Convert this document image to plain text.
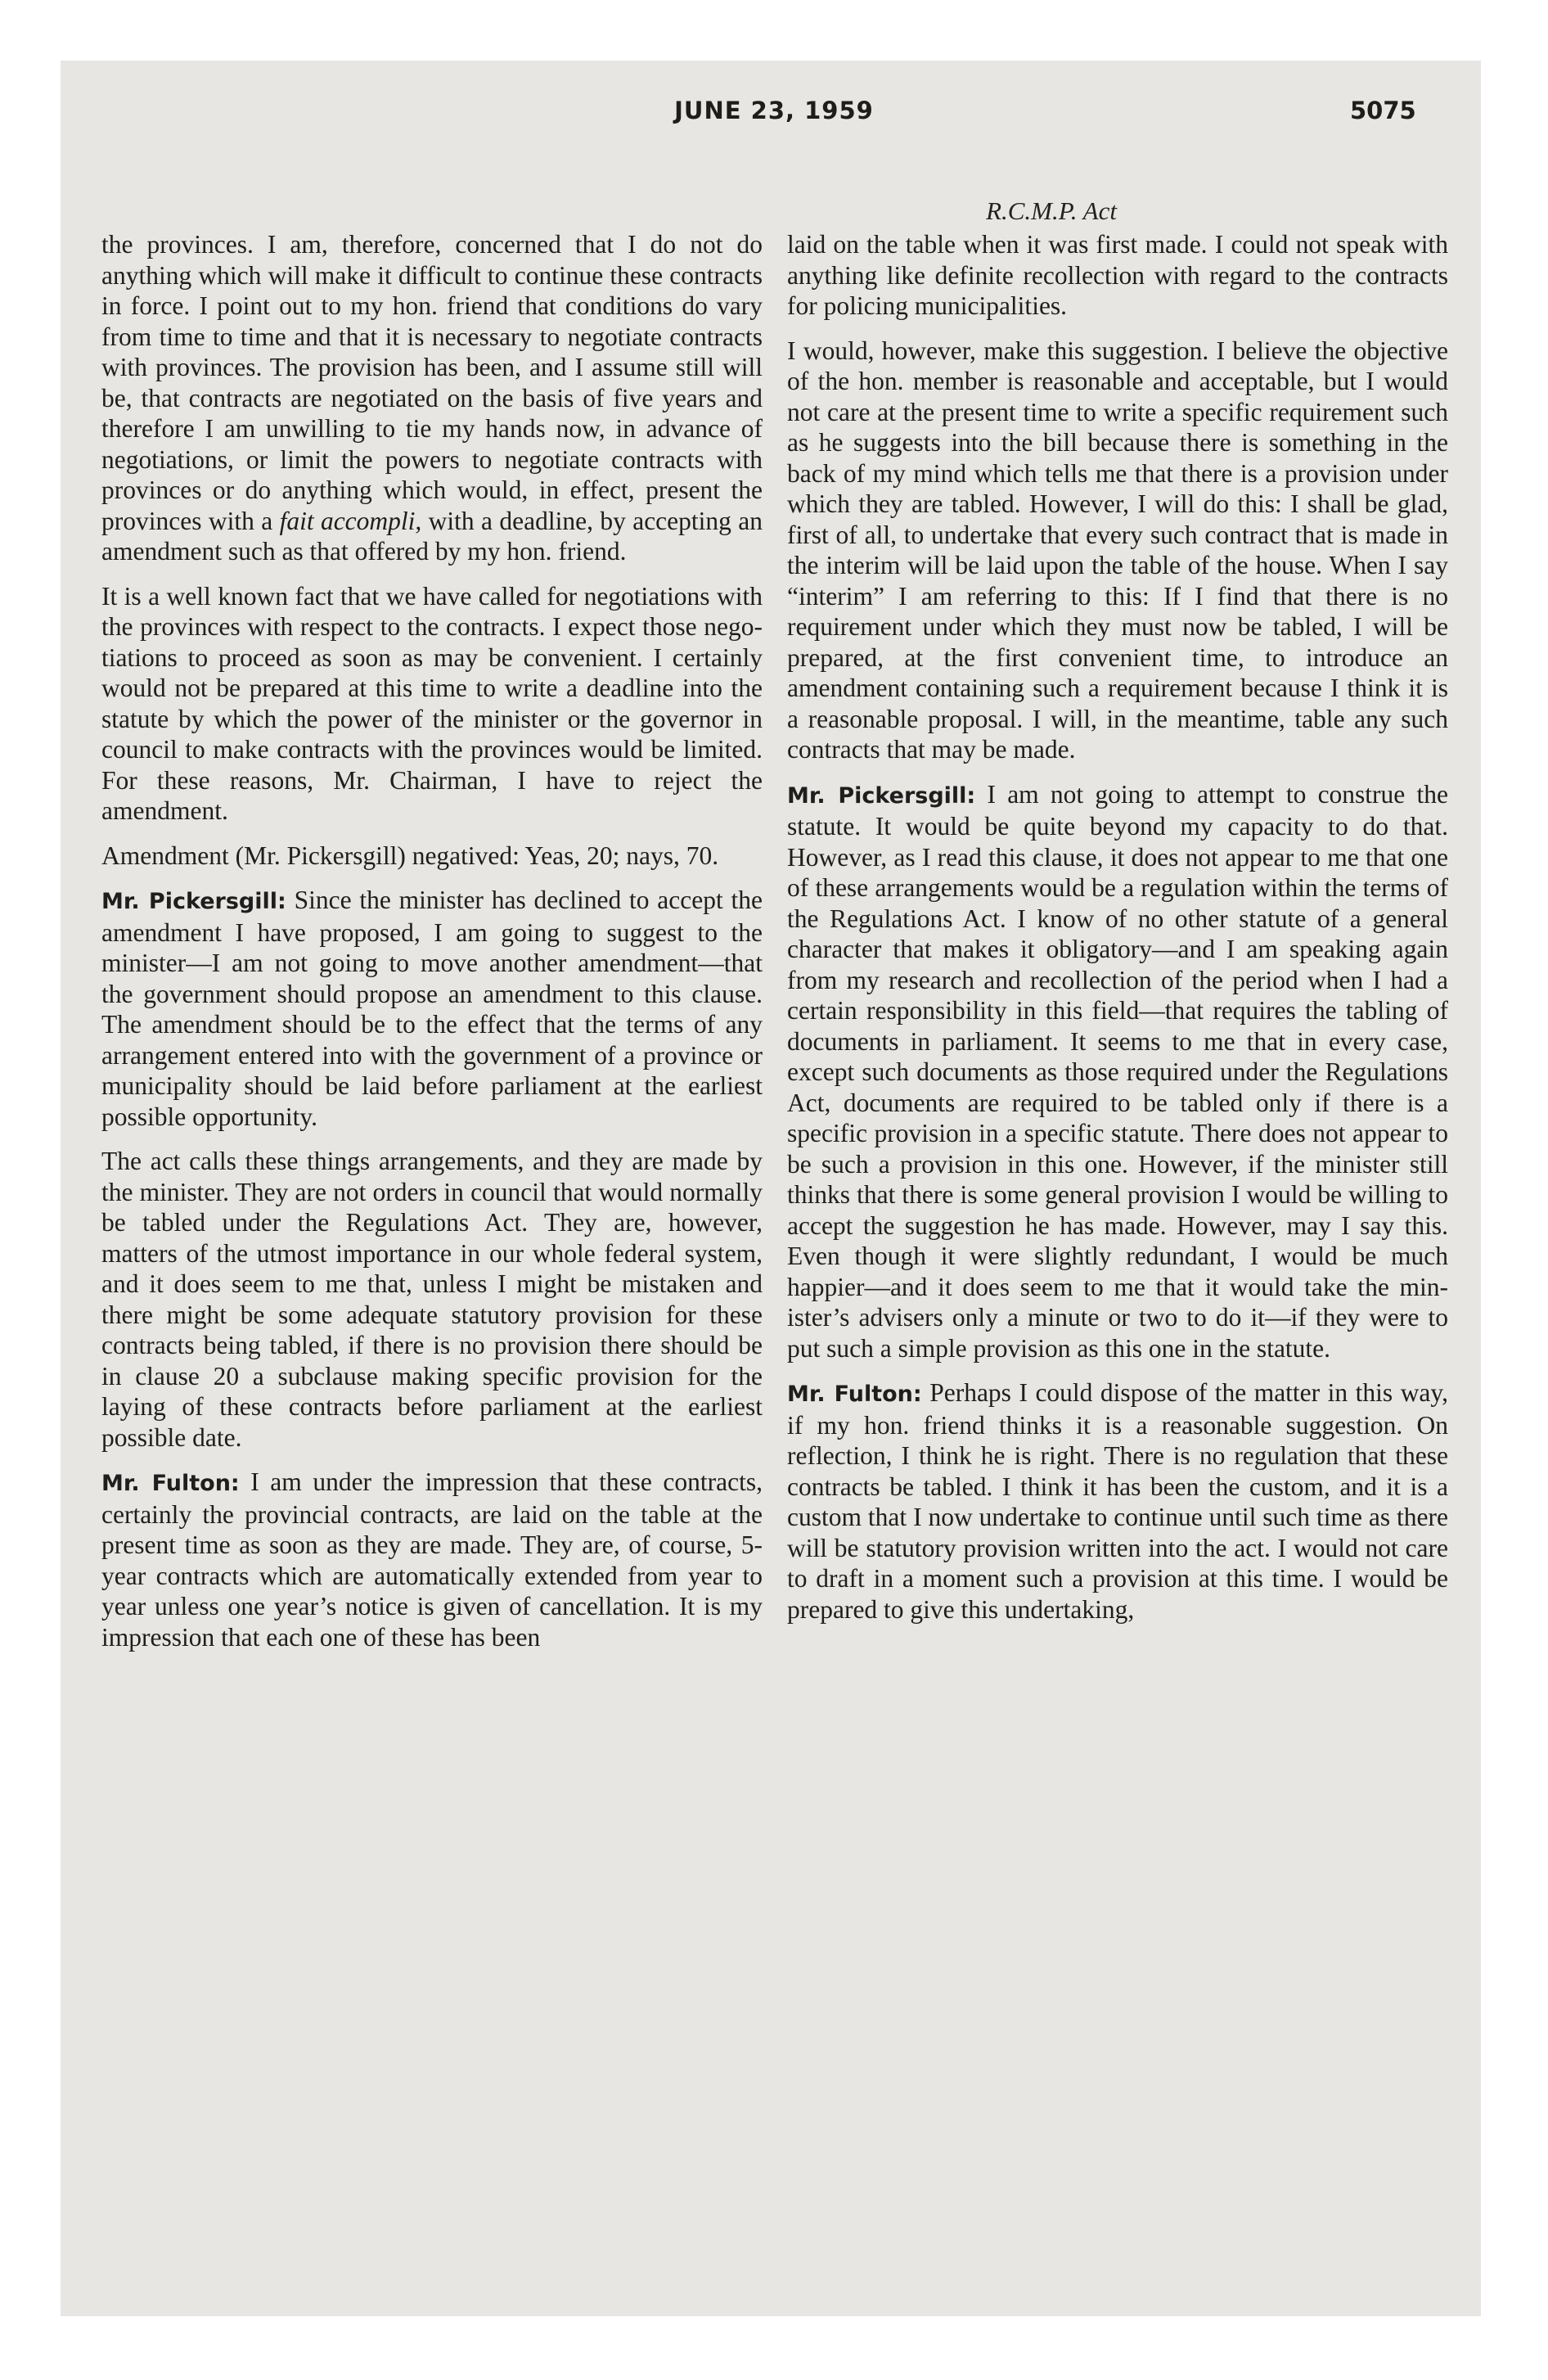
JUNE 23, 1959	5075
R.C.M.P. Act

the provinces. I am, therefore, concerned that I do not do anything which will make it difficult to continue these contracts in force. I point out to my hon. friend that conditions do vary from time to time and that it is necessary to negotiate contracts with provinces. The provision has been, and I assume still will be, that contracts are negotiated on the basis of five years and therefore I am unwilling to tie my hands now, in advance of negotiations, or limit the powers to negotiate contracts with provinces or do anything which would, in effect, present the provinces with a fait accompli, with a deadline, by accepting an amendment such as that offered by my hon. friend.

It is a well known fact that we have called for negotiations with the provinces with respect to the contracts. I expect those negotiations to proceed as soon as may be convenient. I certainly would not be prepared at this time to write a deadline into the statute by which the power of the minister or the governor in council to make contracts with the provinces would be limited. For these reasons, Mr. Chairman, I have to reject the amendment.

Amendment (Mr. Pickersgill) negatived: Yeas, 20; nays, 70.

Mr. Pickersgill: Since the minister has declined to accept the amendment I have proposed, I am going to suggest to the minister—I am not going to move another amendment—that the government should propose an amendment to this clause. The amendment should be to the effect that the terms of any arrangement entered into with the government of a province or municipality should be laid before parliament at the earliest possible opportunity.

The act calls these things arrangements, and they are made by the minister. They are not orders in council that would normally be tabled under the Regulations Act. They are, however, matters of the utmost importance in our whole federal system, and it does seem to me that, unless I might be mistaken and there might be some adequate statutory provision for these contracts being tabled, if there is no provision there should be in clause 20 a subclause making specific provision for the laying of these contracts before parliament at the earliest possible date.

Mr. Fulton: I am under the impression that these contracts, certainly the provincial contracts, are laid on the table at the present time as soon as they are made. They are, of course, 5-year contracts which are automatically extended from year to year unless one year’s notice is given of cancellation. It is my impression that each one of these has been

laid on the table when it was first made. I could not speak with anything like definite recollection with regard to the contracts for policing municipalities.

I would, however, make this suggestion. I believe the objective of the hon. member is reasonable and acceptable, but I would not care at the present time to write a specific requirement such as he suggests into the bill because there is something in the back of my mind which tells me that there is a provision under which they are tabled. However, I will do this: I shall be glad, first of all, to undertake that every such contract that is made in the interim will be laid upon the table of the house. When I say “interim” I am referring to this: If I find that there is no requirement under which they must now be tabled, I will be prepared, at the first convenient time, to introduce an amendment containing such a requirement because I think it is a reasonable proposal. I will, in the meantime, table any such contracts that may be made.

Mr. Pickersgill: I am not going to attempt to construe the statute. It would be quite beyond my capacity to do that. However, as I read this clause, it does not appear to me that one of these arrangements would be a regulation within the terms of the Regulations Act. I know of no other statute of a general character that makes it obligatory—and I am speaking again from my research and recollection of the period when I had a certain responsibility in this field—that requires the tabling of documents in parliament. It seems to me that in every case, except such documents as those required under the Regulations Act, documents are required to be tabled only if there is a specific provision in a specific statute. There does not appear to be such a provision in this one. However, if the minister still thinks that there is some general provision I would be willing to accept the suggestion he has made. However, may I say this. Even though it were slightly redundant, I would be much happier—and it does seem to me that it would take the minister’s advisers only a minute or two to do it—if they were to put such a simple provision as this one in the statute.

Mr. Fulton: Perhaps I could dispose of the matter in this way, if my hon. friend thinks it is a reasonable suggestion. On reflection, I think he is right. There is no regulation that these contracts be tabled. I think it has been the custom, and it is a custom that I now undertake to continue until such time as there will be statutory provision written into the act. I would not care to draft in a moment such a provision at this time. I would be prepared to give this undertaking,
